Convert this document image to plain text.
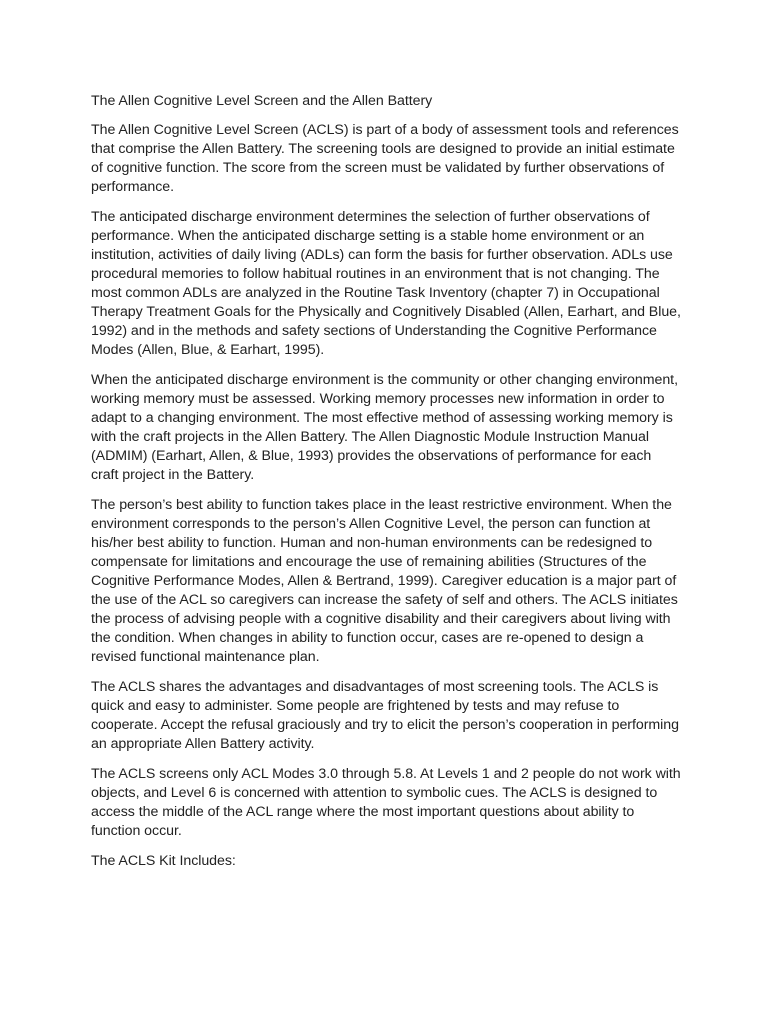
The Allen Cognitive Level Screen and the Allen Battery

The Allen Cognitive Level Screen (ACLS) is part of a body of assessment tools and references that comprise the Allen Battery. The screening tools are designed to provide an initial estimate of cognitive function. The score from the screen must be validated by further observations of performance.

The anticipated discharge environment determines the selection of further observations of performance. When the anticipated discharge setting is a stable home environment or an institution, activities of daily living (ADLs) can form the basis for further observation. ADLs use procedural memories to follow habitual routines in an environment that is not changing. The most common ADLs are analyzed in the Routine Task Inventory (chapter 7) in Occupational Therapy Treatment Goals for the Physically and Cognitively Disabled (Allen, Earhart, and Blue, 1992) and in the methods and safety sections of Understanding the Cognitive Performance Modes (Allen, Blue, & Earhart, 1995).

When the anticipated discharge environment is the community or other changing environment, working memory must be assessed. Working memory processes new information in order to adapt to a changing environment. The most effective method of assessing working memory is with the craft projects in the Allen Battery. The Allen Diagnostic Module Instruction Manual (ADMIM) (Earhart, Allen, & Blue, 1993) provides the observations of performance for each craft project in the Battery.

The person’s best ability to function takes place in the least restrictive environment. When the environment corresponds to the person’s Allen Cognitive Level, the person can function at his/her best ability to function. Human and non-human environments can be redesigned to compensate for limitations and encourage the use of remaining abilities (Structures of the Cognitive Performance Modes, Allen & Bertrand, 1999). Caregiver education is a major part of the use of the ACL so caregivers can increase the safety of self and others. The ACLS initiates the process of advising people with a cognitive disability and their caregivers about living with the condition. When changes in ability to function occur, cases are re-opened to design a revised functional maintenance plan.

The ACLS shares the advantages and disadvantages of most screening tools. The ACLS is quick and easy to administer. Some people are frightened by tests and may refuse to cooperate. Accept the refusal graciously and try to elicit the person’s cooperation in performing an appropriate Allen Battery activity.

The ACLS screens only ACL Modes 3.0 through 5.8. At Levels 1 and 2 people do not work with objects, and Level 6 is concerned with attention to symbolic cues. The ACLS is designed to access the middle of the ACL range where the most important questions about ability to function occur.

The ACLS Kit Includes:
